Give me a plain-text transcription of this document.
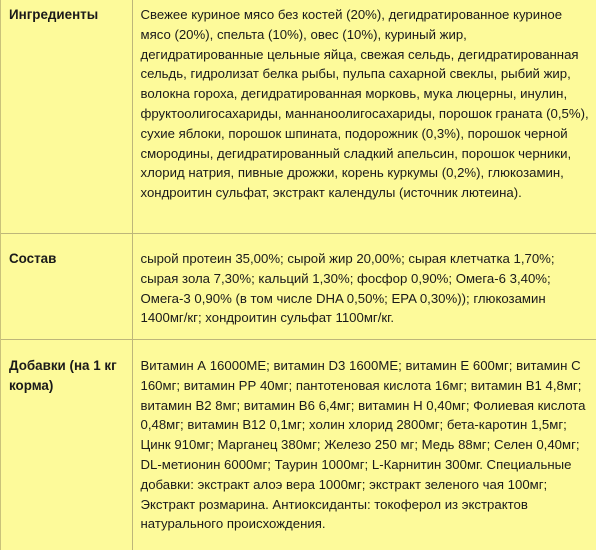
Ингредиенты	Свежее куриное мясо без костей (20%), дегидратированное куриное мясо (20%), спельта (10%), овес (10%), куриный жир, дегидратированные цельные яйца, свежая сельдь, дегидратированная сельдь, гидролизат белка рыбы, пульпа сахарной свеклы, рыбий жир, волокна гороха, дегидратированная морковь, мука люцерны, инулин, фруктоолигосахариды, маннаноолигосахариды, порошок граната (0,5%), сухие яблоки, порошок шпината, подорожник (0,3%), порошок черной смородины, дегидратированный сладкий апельсин, порошок черники, хлорид натрия, пивные дрожжи, корень куркумы (0,2%), глюкозамин, хондроитин сульфат, экстракт календулы (источник лютеина).

Состав	сырой протеин 35,00%; сырой жир 20,00%; сырая клетчатка 1,70%; сырая зола 7,30%; кальций 1,30%; фосфор 0,90%; Омега-6 3,40%; Омега-3 0,90% (в том числе DHA 0,50%; EPA 0,30%)); глюкозамин 1400мг/кг; хондроитин сульфат 1100мг/кг.

Добавки (на 1 кг корма)	Витамин А 16000МЕ; витамин D3 1600МЕ; витамин Е 600мг; витамин С 160мг; витамин РР 40мг; пантотеновая кислота 16мг; витамин В1 4,8мг; витамин В2 8мг; витамин В6 6,4мг; витамин Н 0,40мг; Фолиевая кислота 0,48мг; витамин В12 0,1мг; холин хлорид 2800мг; бета-каротин 1,5мг; Цинк 910мг; Марганец 380мг; Железо 250 мг; Медь 88мг; Селен 0,40мг; DL-метионин 6000мг; Таурин 1000мг; L-Карнитин 300мг. Специальные добавки: экстракт алоэ вера 1000мг; экстракт зеленого чая 100мг; Экстракт розмарина. Антиоксиданты: токоферол из экстрактов натурального происхождения.
